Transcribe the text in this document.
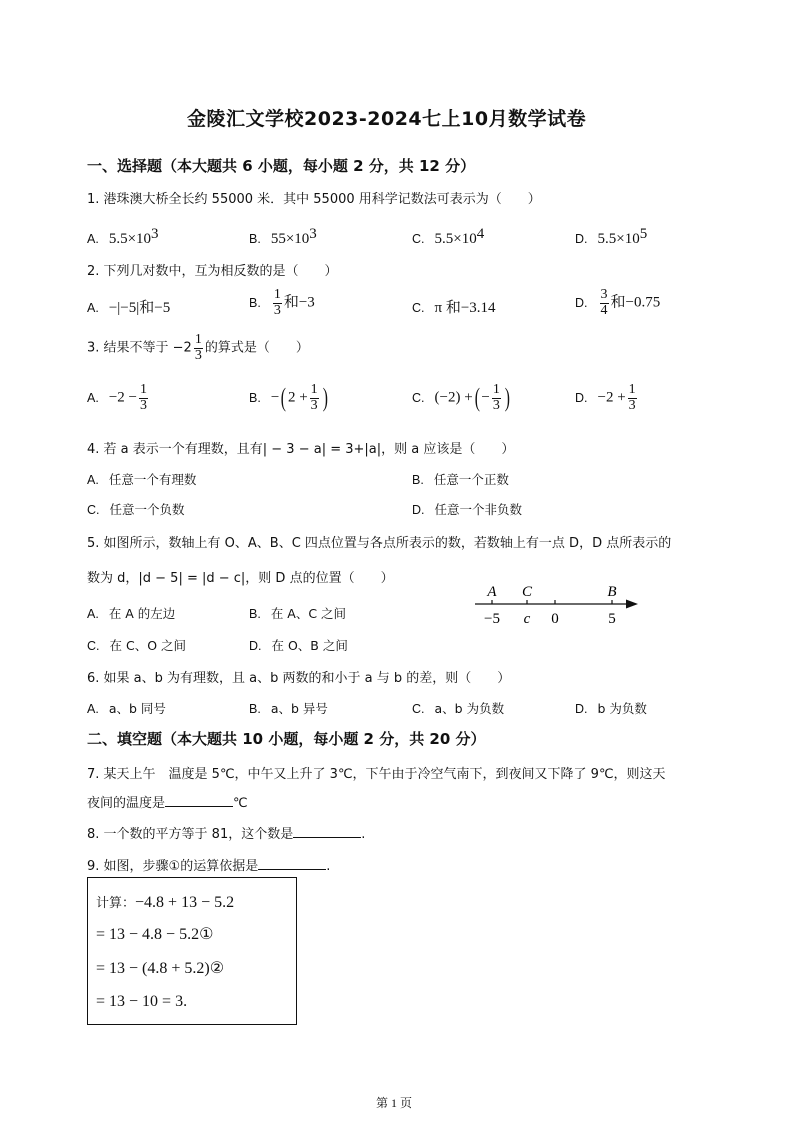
金陵汇文学校2023-2024七上10月数学试卷
一、选择题（本大题共 6 小题，每小题 2 分，共 12 分）
1. 港珠澳大桥全长约 55000 米．其中 55000 用科学记数法可表示为（　　）
A. $5.5\times 10^3$	B. $55\times 10^3$	C. $5.5\times 10^4$	D. $5.5\times 10^5$
2. 下列几对数中，互为相反数的是（　　）
A. −|−5|和−5	B. $\frac{1}{3}$ 和−3	C. π 和−3.14	D. $\frac{3}{4}$ 和−0.75
3. 结果不等于 $-2 \frac{1}{3}$ 的算式是（　　）
A. $-2 - \frac{1}{3}$	B. −( $2 + \frac{1}{3}$ )	C. (−2) +( − $\frac{1}{3}$ )	D. $-2 + \frac{1}{3}$
4. 若 a 表示一个有理数，且有| − 3 − a| = 3+|a|，则 a 应该是（　　）
A. 任意一个有理数	B. 任意一个正数
C. 任意一个负数	D. 任意一个非负数
5. 如图所示，数轴上有 O、A、B、C 四点位置与各点所表示的数，若数轴上有一点 D，D 点所表示的
数为 d，|d − 5| = |d − c|，则 D 点的位置（　　）
A. 在 A 的左边	B. 在 A、C 之间
C. 在 C、O 之间	D. 在 O、B 之间
A C	B
−5 c 0	5
6. 如果 a、b 为有理数，且 a、b 两数的和小于 a 与 b 的差，则（　　）
A. a、b 同号	B. a、b 异号	C. a、b 为负数	D. b 为负数
二、填空题（本大题共 10 小题，每小题 2 分，共 20 分）
7. 某天上午　温度是 5℃，中午又上升了 3℃，下午由于冷空气南下，到夜间又下降了 9℃，则这天
夜间的温度是	℃
8. 一个数的平方等于 81，这个数是	.
9. 如图，步骤①的运算依据是	.
计算：−4.8 + 13 − 5.2
= 13 − 4.8 − 5.2①
= 13 − (4.8 + 5.2)②
= 13 − 10 = 3.
第 1 页
